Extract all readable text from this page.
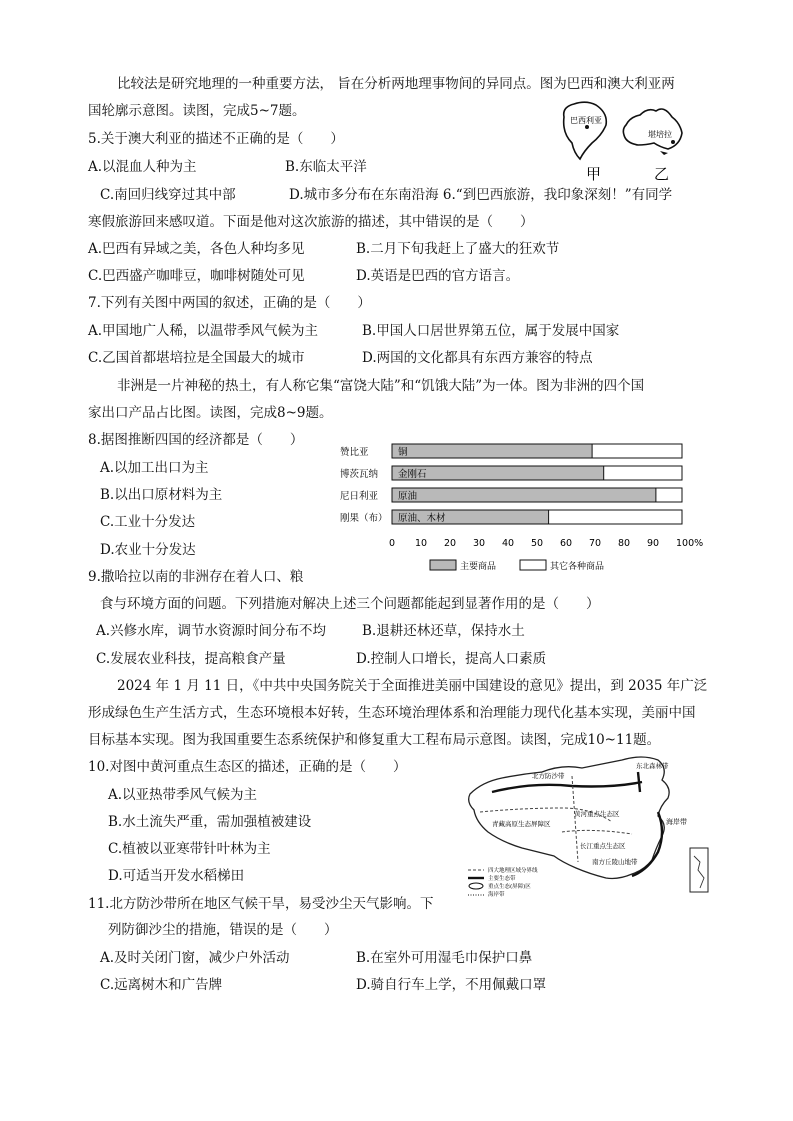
比较法是研究地理的一种重要方法， 旨在分析两地理事物间的异同点。图为巴西和澳大利亚两
国轮廓示意图。读图，完成5~7题。
巴西利亚
堪培拉
甲	乙
5.关于澳大利亚的描述不正确的是（　　）
A.以混血人种为主	B.东临太平洋
C.南回归线穿过其中部	D.城市多分布在东南沿海 6.“到巴西旅游，我印象深刻！”有同学
寒假旅游回来感叹道。下面是他对这次旅游的描述，其中错误的是（　　）
A.巴西有异域之美，各色人种均多见	B.二月下旬我赶上了盛大的狂欢节
C.巴西盛产咖啡豆，咖啡树随处可见	D.英语是巴西的官方语言。
7.下列有关图中两国的叙述，正确的是（　　）
A.甲国地广人稀，以温带季风气候为主	B.甲国人口居世界第五位，属于发展中国家
C.乙国首都堪培拉是全国最大的城市	D.两国的文化都具有东西方兼容的特点
非洲是一片神秘的热土，有人称它集“富饶大陆”和“饥饿大陆”为一体。图为非洲的四个国
家出口产品占比图。读图，完成8~9题。
8.据图推断四国的经济都是（　　）
A.以加工出口为主
B.以出口原材料为主
C.工业十分发达
D.农业十分发达
赞比亚	铜
博茨瓦纳 金刚石
尼日利亚 原油
刚果（布） 原油、木材
0 10 20 30 40 50 60 70 80 90 100%
主要商品	其它各种商品
9.撒哈拉以南的非洲存在着人口、粮
食与环境方面的问题。下列措施对解决上述三个问题都能起到显著作用的是（　　）
A.兴修水库，调节水资源时间分布不均	B.退耕还林还草，保持水土
C.发展农业科技，提高粮食产量	D.控制人口增长，提高人口素质
2024 年 1 月 11 日，《中共中央国务院关于全面推进美丽中国建设的意见》提出，到 2035 年广泛
形成绿色生产生活方式，生态环境根本好转，生态环境治理体系和治理能力现代化基本实现，美丽中国
目标基本实现。图为我国重要生态系统保护和修复重大工程布局示意图。读图，完成10~11题。
10.对图中黄河重点生态区的描述，正确的是（　　）
A.以亚热带季风气候为主
B.水土流失严重，需加强植被建设
C.植被以亚寒带针叶林为主
D.可适当开发水稻梯田
青藏高原生态屏障区
黄河重点生态区
长江重点生态区
南方丘陵山地带
东北森林带
北方防沙带
海岸带
四大地理区域分界线
主要生态带
重点生态(屏障)区
海岸带
11.北方防沙带所在地区气候干旱，易受沙尘天气影响。下
列防御沙尘的措施，错误的是（　　）
A.及时关闭门窗，减少户外活动	B.在室外可用湿毛巾保护口鼻
C.远离树木和广告牌	D.骑自行车上学，不用佩戴口罩
